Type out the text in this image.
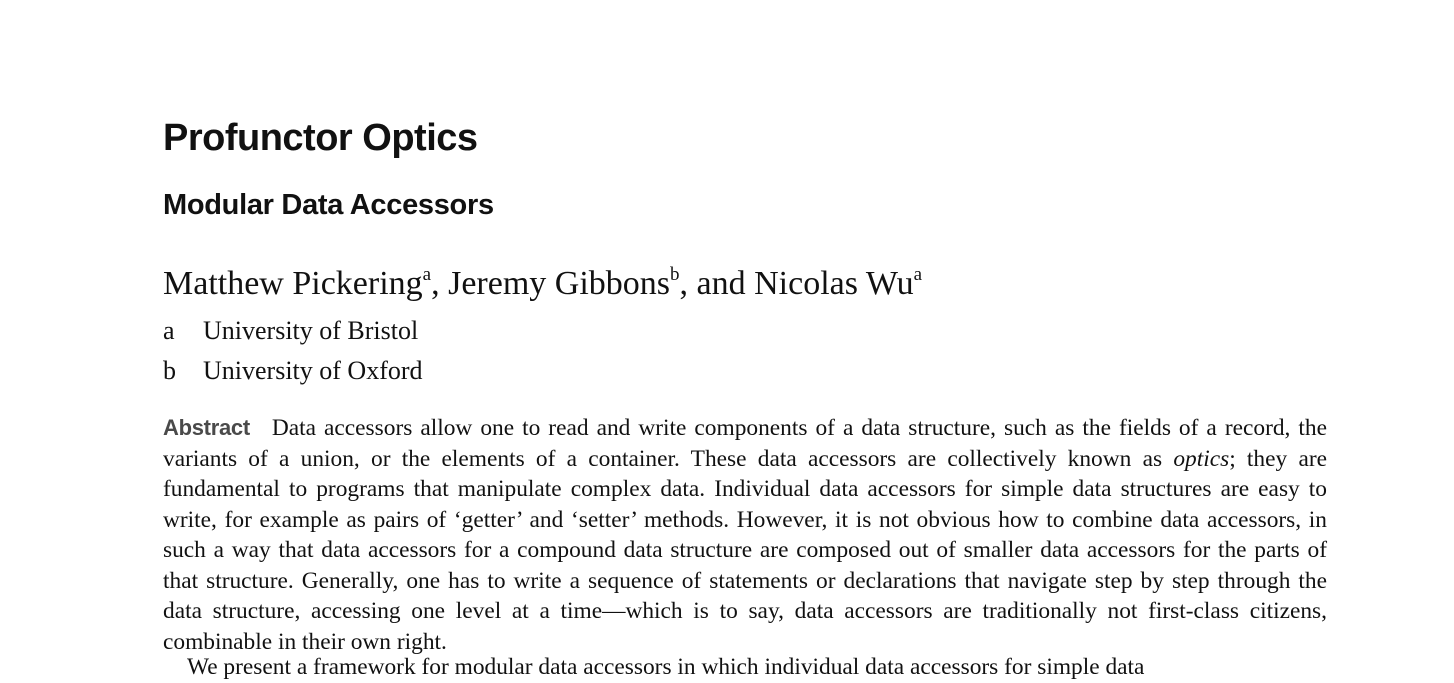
Profunctor Optics
Modular Data Accessors

Matthew Pickering$^a$, Jeremy Gibbons$^b$, and Nicolas Wu$^a$

a	University of Bristol
b	University of Oxford

Abstract Data accessors allow one to read and write components of a data structure, such as the fields of a record, the variants of a union, or the elements of a container. These data accessors are collectively known as optics; they are fundamental to programs that manipulate complex data. Individual data accessors for simple data structures are easy to write, for example as pairs of ‘getter’ and ‘setter’ methods. However, it is not obvious how to combine data accessors, in such a way that data accessors for a compound data structure are composed out of smaller data accessors for the parts of that structure. Generally, one has to write a sequence of statements or declarations that navigate step by step through the data structure, accessing one level at a time—which is to say, data accessors are traditionally not first-class citizens, combinable in their own right.

We present a framework for modular data accessors in which individual data accessors for simple data
